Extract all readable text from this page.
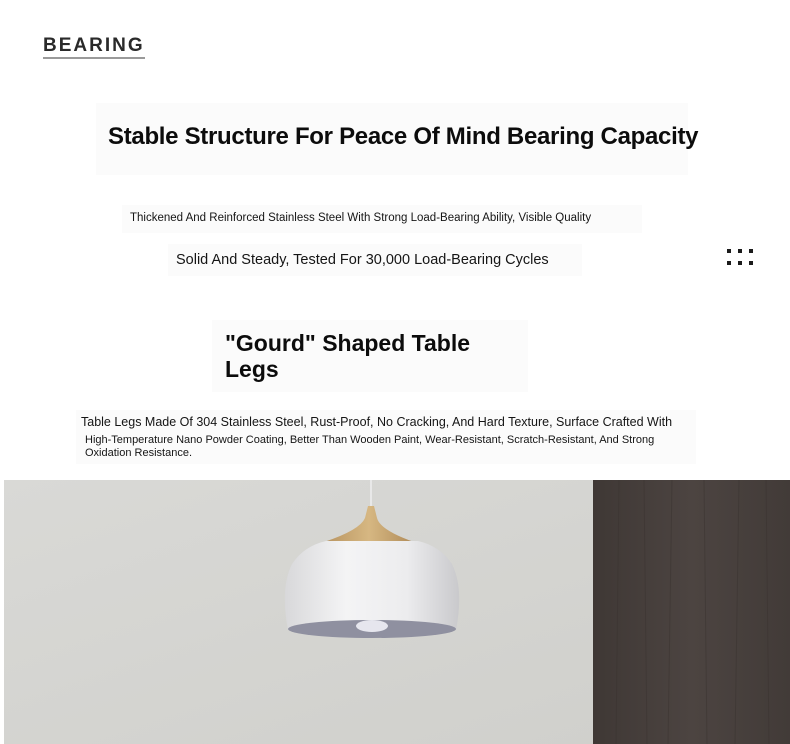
BEARING
Stable Structure For Peace Of Mind Bearing Capacity
Thickened And Reinforced Stainless Steel With Strong Load-Bearing Ability, Visible Quality
Solid And Steady, Tested For 30,000 Load-Bearing Cycles
"Gourd" Shaped Table Legs
Table Legs Made Of 304 Stainless Steel, Rust-Proof, No Cracking, And Hard Texture, Surface Crafted With
High-Temperature Nano Powder Coating, Better Than Wooden Paint, Wear-Resistant, Scratch-Resistant, And Strong Oxidation Resistance.
